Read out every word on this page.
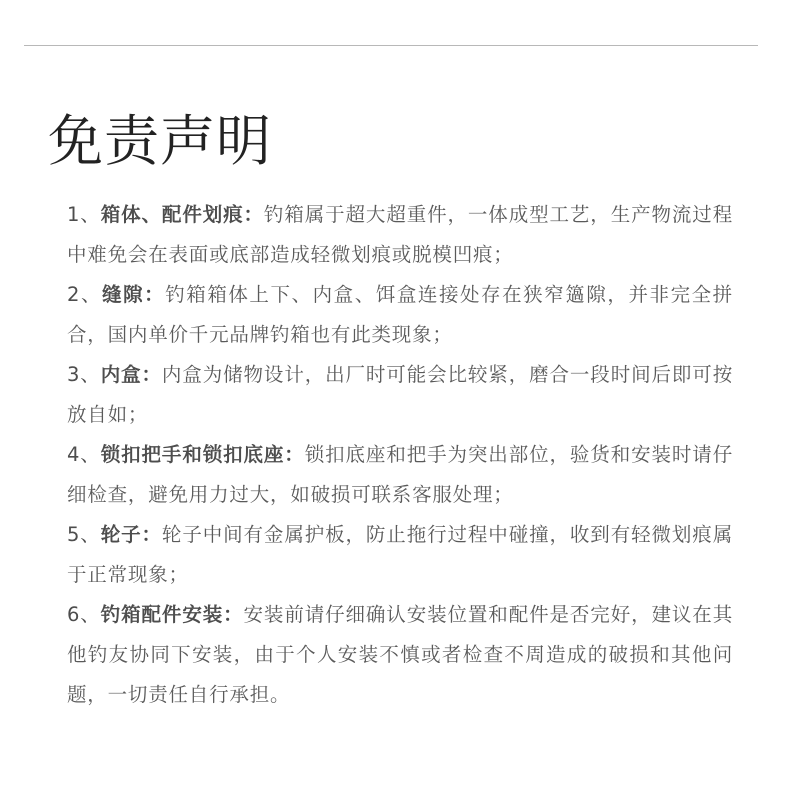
免责声明
1、箱体、配件划痕：钓箱属于超大超重件，一体成型工艺，生产物流过程中难免会在表面或底部造成轻微划痕或脱模凹痕；
2、缝隙：钓箱箱体上下、内盒、饵盒连接处存在狭窄簻隙，并非完全拼合，国内单价千元品牌钓箱也有此类现象；
3、内盒：内盒为储物设计，出厂时可能会比较紧，磨合一段时间后即可按放自如；
4、锁扣把手和锁扣底座：锁扣底座和把手为突出部位，验货和安装时请仔细检查，避免用力过大，如破损可联系客服处理；
5、轮子：轮子中间有金属护板，防止拖行过程中碰撞，收到有轻微划痕属于正常现象；
6、钓箱配件安装：安装前请仔细确认安装位置和配件是否完好，建议在其他钓友协同下安装，由于个人安装不慎或者检查不周造成的破损和其他问题，一切责任自行承担。
